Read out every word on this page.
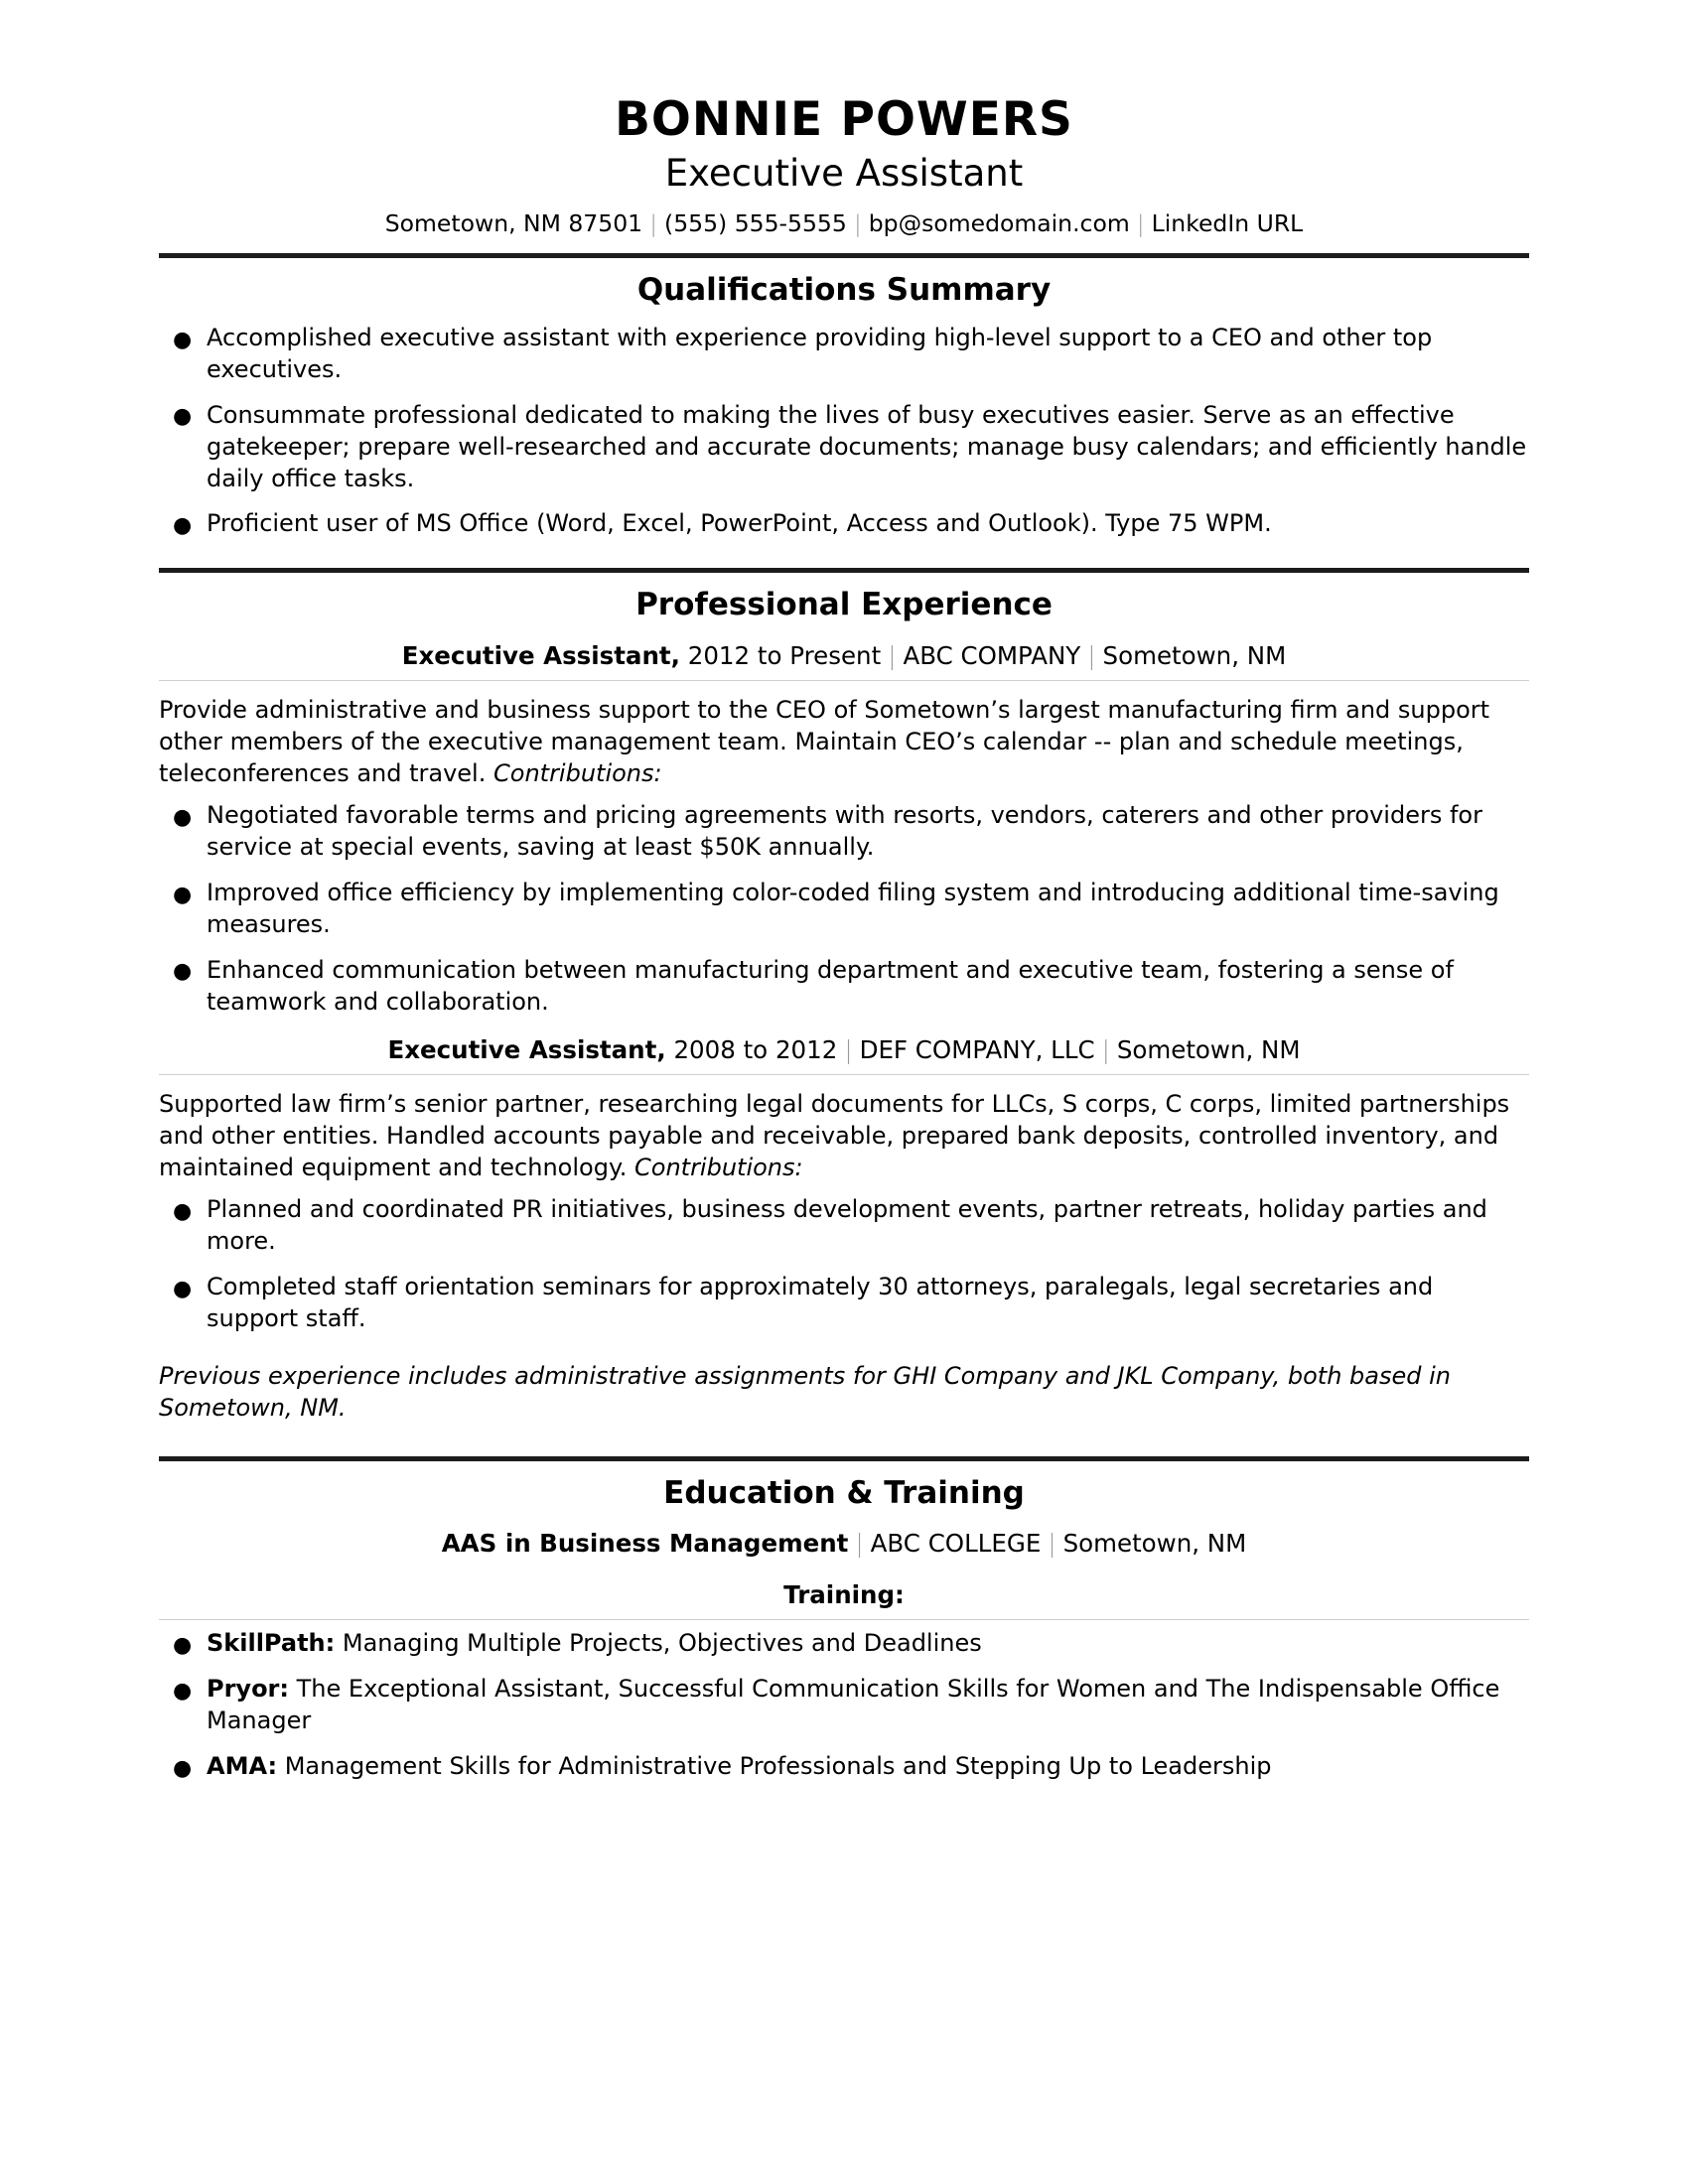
BONNIE POWERS
Executive Assistant
Sometown, NM 87501 | (555) 555-5555 | bp@somedomain.com | LinkedIn URL
Qualifications Summary
● Accomplished executive assistant with experience providing high-level support to a CEO and other top executives.
● Consummate professional dedicated to making the lives of busy executives easier. Serve as an effective gatekeeper; prepare well-researched and accurate documents; manage busy calendars; and efficiently handle daily office tasks.
● Proficient user of MS Office (Word, Excel, PowerPoint, Access and Outlook). Type 75 WPM.
Professional Experience
Executive Assistant, 2012 to Present | ABC COMPANY | Sometown, NM
Provide administrative and business support to the CEO of Sometown’s largest manufacturing firm and support other members of the executive management team. Maintain CEO’s calendar -- plan and schedule meetings, teleconferences and travel. Contributions:
● Negotiated favorable terms and pricing agreements with resorts, vendors, caterers and other providers for service at special events, saving at least $50K annually.
● Improved office efficiency by implementing color-coded filing system and introducing additional time-saving measures.
● Enhanced communication between manufacturing department and executive team, fostering a sense of teamwork and collaboration.
Executive Assistant, 2008 to 2012 | DEF COMPANY, LLC | Sometown, NM
Supported law firm’s senior partner, researching legal documents for LLCs, S corps, C corps, limited partnerships and other entities. Handled accounts payable and receivable, prepared bank deposits, controlled inventory, and maintained equipment and technology. Contributions:
● Planned and coordinated PR initiatives, business development events, partner retreats, holiday parties and more.
● Completed staff orientation seminars for approximately 30 attorneys, paralegals, legal secretaries and support staff.
Previous experience includes administrative assignments for GHI Company and JKL Company, both based in Sometown, NM.
Education & Training
AAS in Business Management | ABC COLLEGE | Sometown, NM
Training:
● SkillPath: Managing Multiple Projects, Objectives and Deadlines
● Pryor: The Exceptional Assistant, Successful Communication Skills for Women and The Indispensable Office Manager
● AMA: Management Skills for Administrative Professionals and Stepping Up to Leadership
